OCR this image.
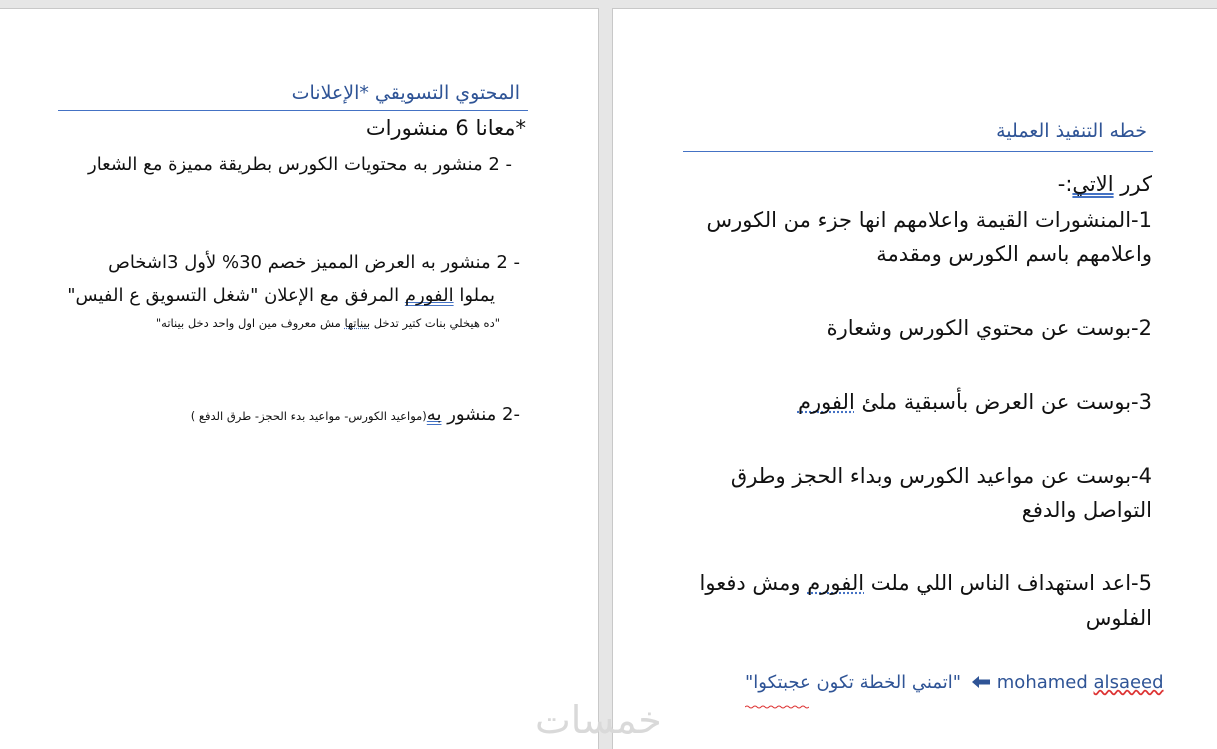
المحتوي التسويقي *الإعلانات
*معانا 6 منشورات
- 2 منشور به محتويات الكورس بطريقة مميزة مع الشعار
- 2 منشور به العرض المميز خصم 30% لأول 3اشخاص
يملوا الفورم المرفق مع الإعلان "شغل التسويق ع الفيس"
"ده هيخلي بنات كتير تدخل بيناتها مش معروف مين اول واحد دخل بيناته"
-2 منشور به(مواعيد الكورس- مواعيد بدء الحجز- طرق الدفع )
خطه التنفيذ العملية
كرر الاتي:-
1-المنشورات القيمة واعلامهم انها جزء من الكورس
واعلامهم باسم الكورس ومقدمة
2-بوست عن محتوي الكورس وشعارة
3-بوست عن العرض بأسبقية ملئ الفورم
4-بوست عن مواعيد الكورس وبداء الحجز وطرق
التواصل والدفع
5-اعد استهداف الناس اللي ملت الفورم ومش دفعوا
الفلوس
"اتمني الخطة تكون عجبتكوا" mohamed alsaeed
خمسات
